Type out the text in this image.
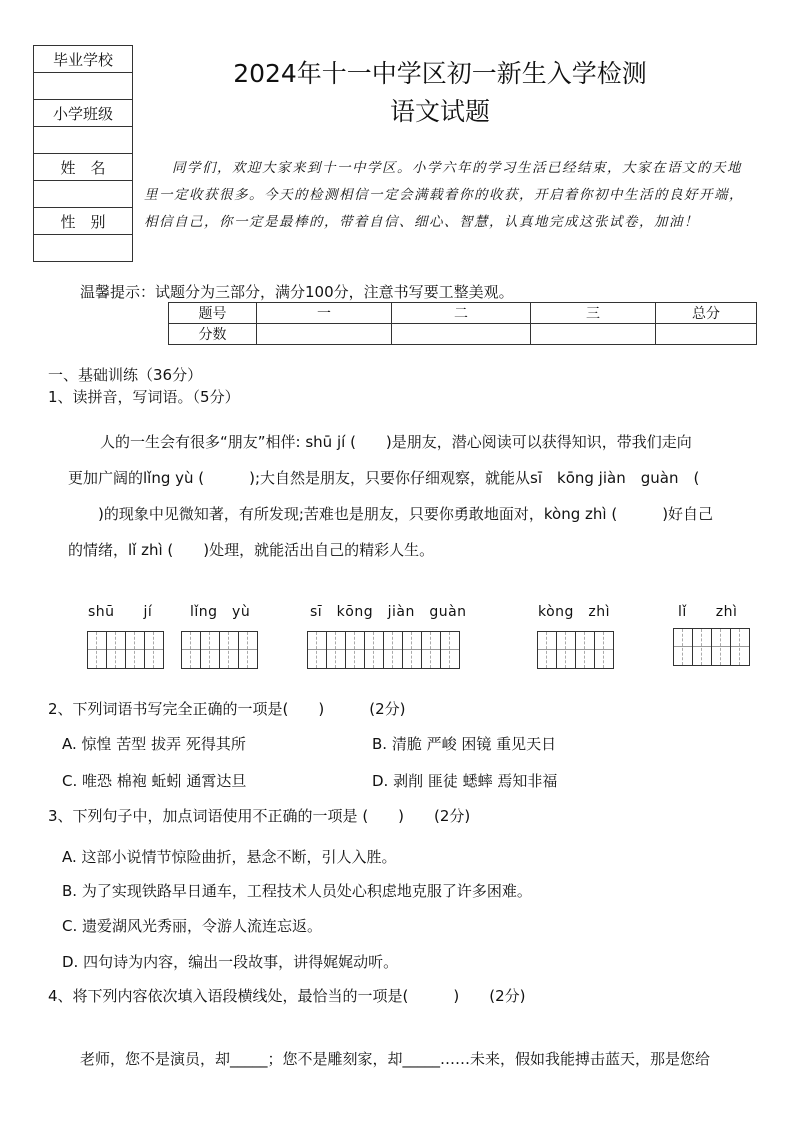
毕业学校

小学班级

姓　名

性　别

2024年十一中学区初一新生入学检测
语文试题
同学们，欢迎大家来到十一中学区。小学六年的学习生活已经结束，大家在语文的天地里一定收获很多。今天的检测相信一定会满载着你的收获，开启着你初中生活的良好开端，相信自己，你一定是最棒的，带着自信、细心、智慧，认真地完成这张试卷，加油！
温馨提示：试题分为三部分，满分100分，注意书写要工整美观。
题号	一	二	三	总分
分数				
一、基础训练（36分）
1、读拼音，写词语。（5分）
人的一生会有很多“朋友”相伴: shū jí (　　)是朋友，潜心阅读可以获得知识，带我们走向
更加广阔的lǐng yù (　　　);大自然是朋友，只要你仔细观察，就能从sī　kōng jiàn　guàn　(
　　)的现象中见微知著，有所发现;苦难也是朋友，只要你勇敢地面对，kòng zhì (　　　)好自己
的情绪，lǐ zhì (　　)处理，就能活出自己的精彩人生。
shū　　jí	lǐng　yù	sī　kōng　jiàn　guàn	kòng　zhì	lǐ　　zhì
2、下列词语书写完全正确的一项是(　　)　　　(2分)
A. 惊惶 苦型 拔弄 死得其所	B. 清脆 严峻 困镜 重见天日
C. 唯恐 棉袍 蚯蚓 通霄达旦	D. 剥削 匪徒 蟋蟀 焉知非福
3、下列句子中，加点词语使用不正确的一项是 (　　)　　(2分)
A. 这部小说情节惊险曲折，悬念不断，引人入胜。
B. 为了实现铁路早日通车，工程技术人员处心积虑地克服了许多困难。
C. 遗爱湖风光秀丽，令游人流连忘返。
D. 四句诗为内容，编出一段故事，讲得娓娓动听。
4、将下列内容依次填入语段横线处，最恰当的一项是(　　　)　　(2分)
老师，您不是演员，却_____；您不是雕刻家，却_____……未来，假如我能搏击蓝天，那是您给
